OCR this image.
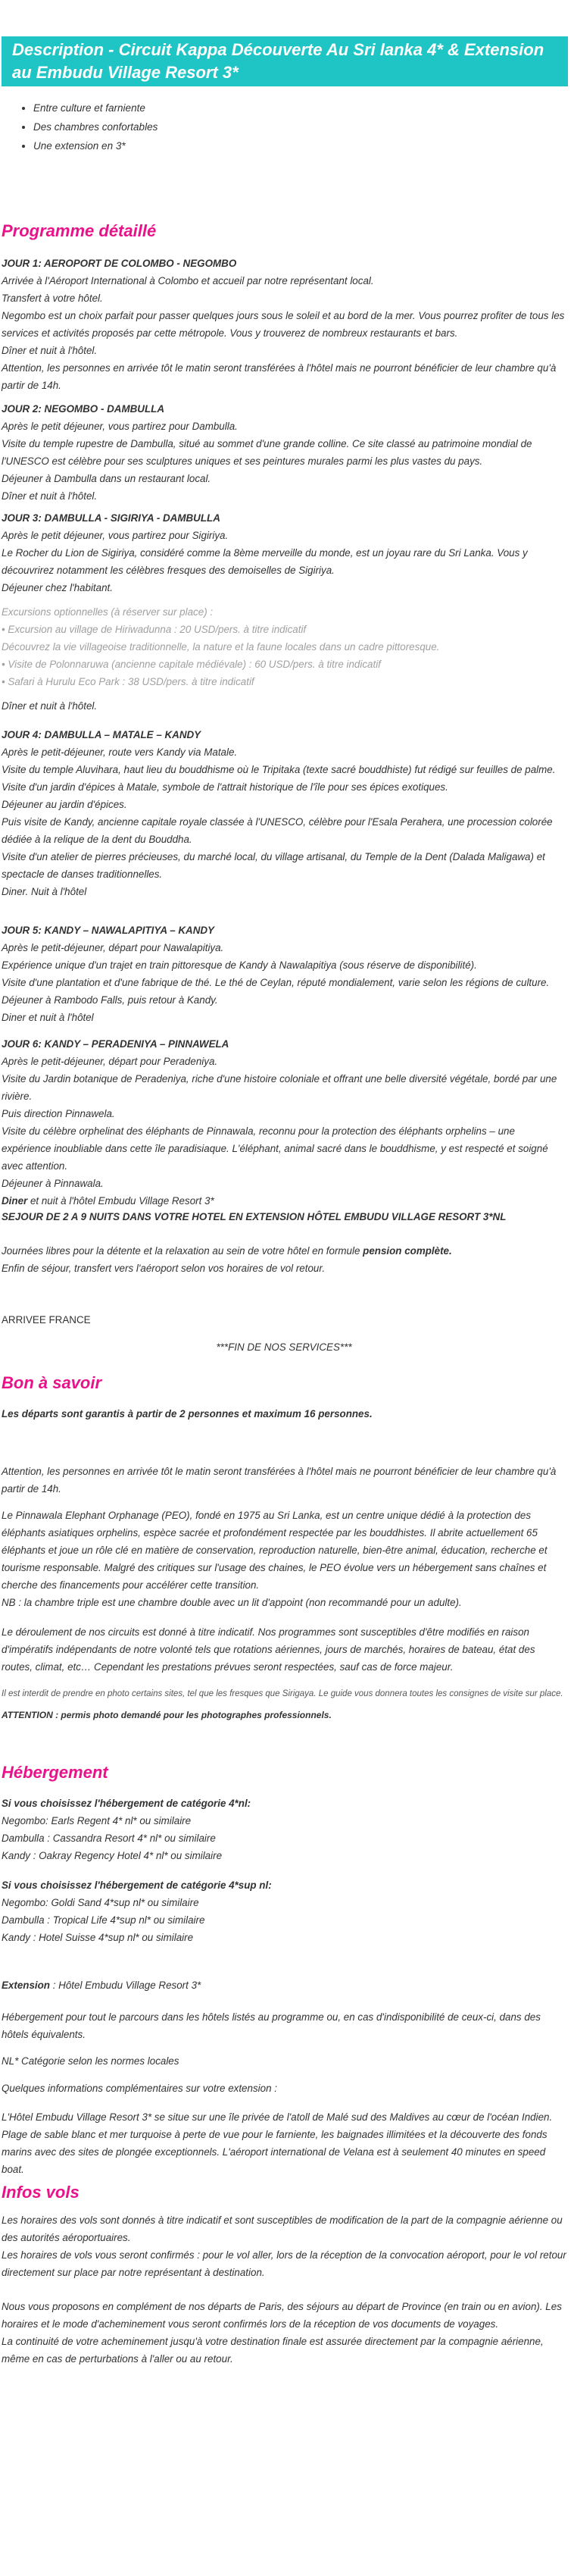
Description - Circuit Kappa Découverte Au Sri lanka 4* & Extension au Embudu Village Resort 3*
• Entre culture et farniente
• Des chambres confortables
• Une extension en 3*
Programme détaillé

JOUR 1: AEROPORT DE COLOMBO - NEGOMBO

Arrivée à l'Aéroport International à Colombo et accueil par notre représentant local.

Transfert à votre hôtel.

Negombo est un choix parfait pour passer quelques jours sous le soleil et au bord de la mer. Vous pourrez profiter de tous les services et activités proposés par cette métropole. Vous y trouverez de nombreux restaurants et bars.

Dîner et nuit à l'hôtel.

Attention, les personnes en arrivée tôt le matin seront transférées à l'hôtel mais ne pourront bénéficier de leur chambre qu'à partir de 14h.

JOUR 2: NEGOMBO - DAMBULLA

Après le petit déjeuner, vous partirez pour Dambulla.

Visite du temple rupestre de Dambulla, situé au sommet d'une grande colline. Ce site classé au patrimoine mondial de l'UNESCO est célèbre pour ses sculptures uniques et ses peintures murales parmi les plus vastes du pays.

Déjeuner à Dambulla dans un restaurant local.

Dîner et nuit à l'hôtel.

JOUR 3: DAMBULLA - SIGIRIYA - DAMBULLA

Après le petit déjeuner, vous partirez pour Sigiriya.

Le Rocher du Lion de Sigiriya, considéré comme la 8ème merveille du monde, est un joyau rare du Sri Lanka. Vous y découvrirez notamment les célèbres fresques des demoiselles de Sigiriya.

Déjeuner chez l'habitant.

Excursions optionnelles (à réserver sur place) :

• Excursion au village de Hiriwadunna : 20 USD/pers. à titre indicatif

Découvrez la vie villageoise traditionnelle, la nature et la faune locales dans un cadre pittoresque.

• Visite de Polonnaruwa (ancienne capitale médiévale) : 60 USD/pers. à titre indicatif

• Safari à Hurulu Eco Park : 38 USD/pers. à titre indicatif

Dîner et nuit à l'hôtel.

JOUR 4: DAMBULLA – MATALE – KANDY

Après le petit-déjeuner, route vers Kandy via Matale.

Visite du temple Aluvihara, haut lieu du bouddhisme où le Tripitaka (texte sacré bouddhiste) fut rédigé sur feuilles de palme.

Visite d'un jardin d'épices à Matale, symbole de l'attrait historique de l'île pour ses épices exotiques.

Déjeuner au jardin d'épices.

Puis visite de Kandy, ancienne capitale royale classée à l'UNESCO, célèbre pour l'Esala Perahera, une procession colorée dédiée à la relique de la dent du Bouddha.

Visite d'un atelier de pierres précieuses, du marché local, du village artisanal, du Temple de la Dent (Dalada Maligawa) et spectacle de danses traditionnelles.

Diner. Nuit à l'hôtel

JOUR 5: KANDY – NAWALAPITIYA – KANDY

Après le petit-déjeuner, départ pour Nawalapitiya.

Expérience unique d'un trajet en train pittoresque de Kandy à Nawalapitiya (sous réserve de disponibilité).

Visite d'une plantation et d'une fabrique de thé. Le thé de Ceylan, réputé mondialement, varie selon les régions de culture.

Déjeuner à Rambodo Falls, puis retour à Kandy.

Diner et nuit à l'hôtel

JOUR 6: KANDY – PERADENIYA – PINNAWELA

Après le petit-déjeuner, départ pour Peradeniya.

Visite du Jardin botanique de Peradeniya, riche d'une histoire coloniale et offrant une belle diversité végétale, bordé par une rivière.

Puis direction Pinnawela.

Visite du célèbre orphelinat des éléphants de Pinnawala, reconnu pour la protection des éléphants orphelins – une expérience inoubliable dans cette île paradisiaque. L'éléphant, animal sacré dans le bouddhisme, y est respecté et soigné avec attention.

Déjeuner à Pinnawala.

Diner et nuit à l'hôtel Embudu Village Resort 3*

SEJOUR DE 2 A 9 NUITS DANS VOTRE HOTEL EN EXTENSION HÔTEL EMBUDU VILLAGE RESORT 3*NL

Journées libres pour la détente et la relaxation au sein de votre hôtel en formule pension complète.

Enfin de séjour, transfert vers l'aéroport selon vos horaires de vol retour.

ARRIVEE FRANCE

***FIN DE NOS SERVICES***

Bon à savoir

Les départs sont garantis à partir de 2 personnes et maximum 16 personnes.

Attention, les personnes en arrivée tôt le matin seront transférées à l'hôtel mais ne pourront bénéficier de leur chambre qu'à partir de 14h.

Le Pinnawala Elephant Orphanage (PEO), fondé en 1975 au Sri Lanka, est un centre unique dédié à la protection des éléphants asiatiques orphelins, espèce sacrée et profondément respectée par les bouddhistes. Il abrite actuellement 65 éléphants et joue un rôle clé en matière de conservation, reproduction naturelle, bien-être animal, éducation, recherche et tourisme responsable. Malgré des critiques sur l'usage des chaines, le PEO évolue vers un hébergement sans chaînes et cherche des financements pour accélérer cette transition.

NB : la chambre triple est une chambre double avec un lit d'appoint (non recommandé pour un adulte).

Le déroulement de nos circuits est donné à titre indicatif. Nos programmes sont susceptibles d'être modifiés en raison d'impératifs indépendants de notre volonté tels que rotations aériennes, jours de marchés, horaires de bateau, état des routes, climat, etc… Cependant les prestations prévues seront respectées, sauf cas de force majeur.

Il est interdit de prendre en photo certains sites, tel que les fresques que Sirigaya. Le guide vous donnera toutes les consignes de visite sur place.

ATTENTION : permis photo demandé pour les photographes professionnels.

Hébergement

Si vous choisissez l'hébergement de catégorie 4*nl:

Negombo: Earls Regent 4* nl* ou similaire

Dambulla : Cassandra Resort 4* nl* ou similaire

Kandy : Oakray Regency Hotel 4* nl* ou similaire

Si vous choisissez l'hébergement de catégorie 4*sup nl:

Negombo: Goldi Sand 4*sup nl* ou similaire

Dambulla : Tropical Life 4*sup nl* ou similaire

Kandy : Hotel Suisse 4*sup nl* ou similaire

Extension : Hôtel Embudu Village Resort 3*

Hébergement pour tout le parcours dans les hôtels listés au programme ou, en cas d'indisponibilité de ceux-ci, dans des hôtels équivalents.

NL* Catégorie selon les normes locales

Quelques informations complémentaires sur votre extension :

L'Hôtel Embudu Village Resort 3* se situe sur une île privée de l'atoll de Malé sud des Maldives au cœur de l'océan Indien. Plage de sable blanc et mer turquoise à perte de vue pour le farniente, les baignades illimitées et la découverte des fonds marins avec des sites de plongée exceptionnels. L'aéroport international de Velana est à seulement 40 minutes en speed boat.

Infos vols

Les horaires des vols sont donnés à titre indicatif et sont susceptibles de modification de la part de la compagnie aérienne ou des autorités aéroportuaires.

Les horaires de vols vous seront confirmés : pour le vol aller, lors de la réception de la convocation aéroport, pour le vol retour directement sur place par notre représentant à destination.

Nous vous proposons en complément de nos départs de Paris, des séjours au départ de Province (en train ou en avion). Les horaires et le mode d'acheminement vous seront confirmés lors de la réception de vos documents de voyages.

La continuité de votre acheminement jusqu'à votre destination finale est assurée directement par la compagnie aérienne, même en cas de perturbations à l'aller ou au retour.
